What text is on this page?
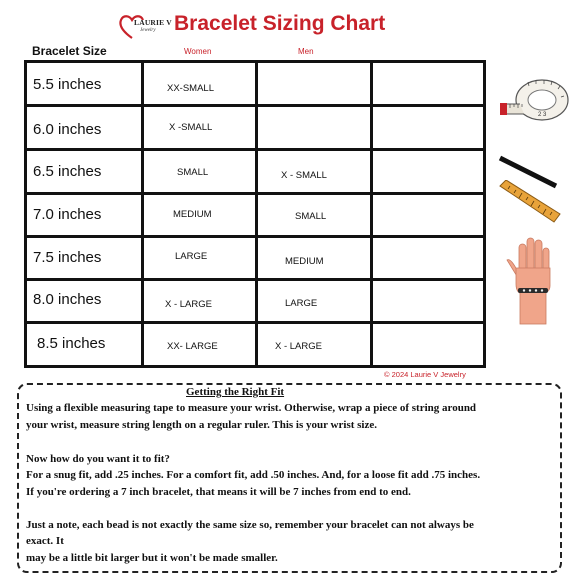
LAURIE V
Jewelry Bracelet Sizing Chart
Bracelet Size	Women	Men
5.5 inches	XX-SMALL
6.0 inches	X -SMALL
6.5 inches	SMALL	X - SMALL
7.0 inches	MEDIUM	SMALL
7.5 inches	LARGE	MEDIUM
8.0 inches	X - LARGE	LARGE
8.5 inches	XX- LARGE	X - LARGE
© 2024 Laurie V Jewelry
2 3
Getting the Right Fit
Using a flexible measuring tape to measure your wrist. Otherwise, wrap a piece of string around
your wrist, measure string length on a regular ruler. This is your wrist size.
Now how do you want it to fit?
For a snug fit, add .25 inches. For a comfort fit, add .50 inches. And, for a loose fit add .75 inches.
If you're ordering a 7 inch bracelet, that means it will be 7 inches from end to end.
Just a note, each bead is not exactly the same size so, remember your bracelet can not always be
exact. It
may be a little bit larger but it won't be made smaller.
